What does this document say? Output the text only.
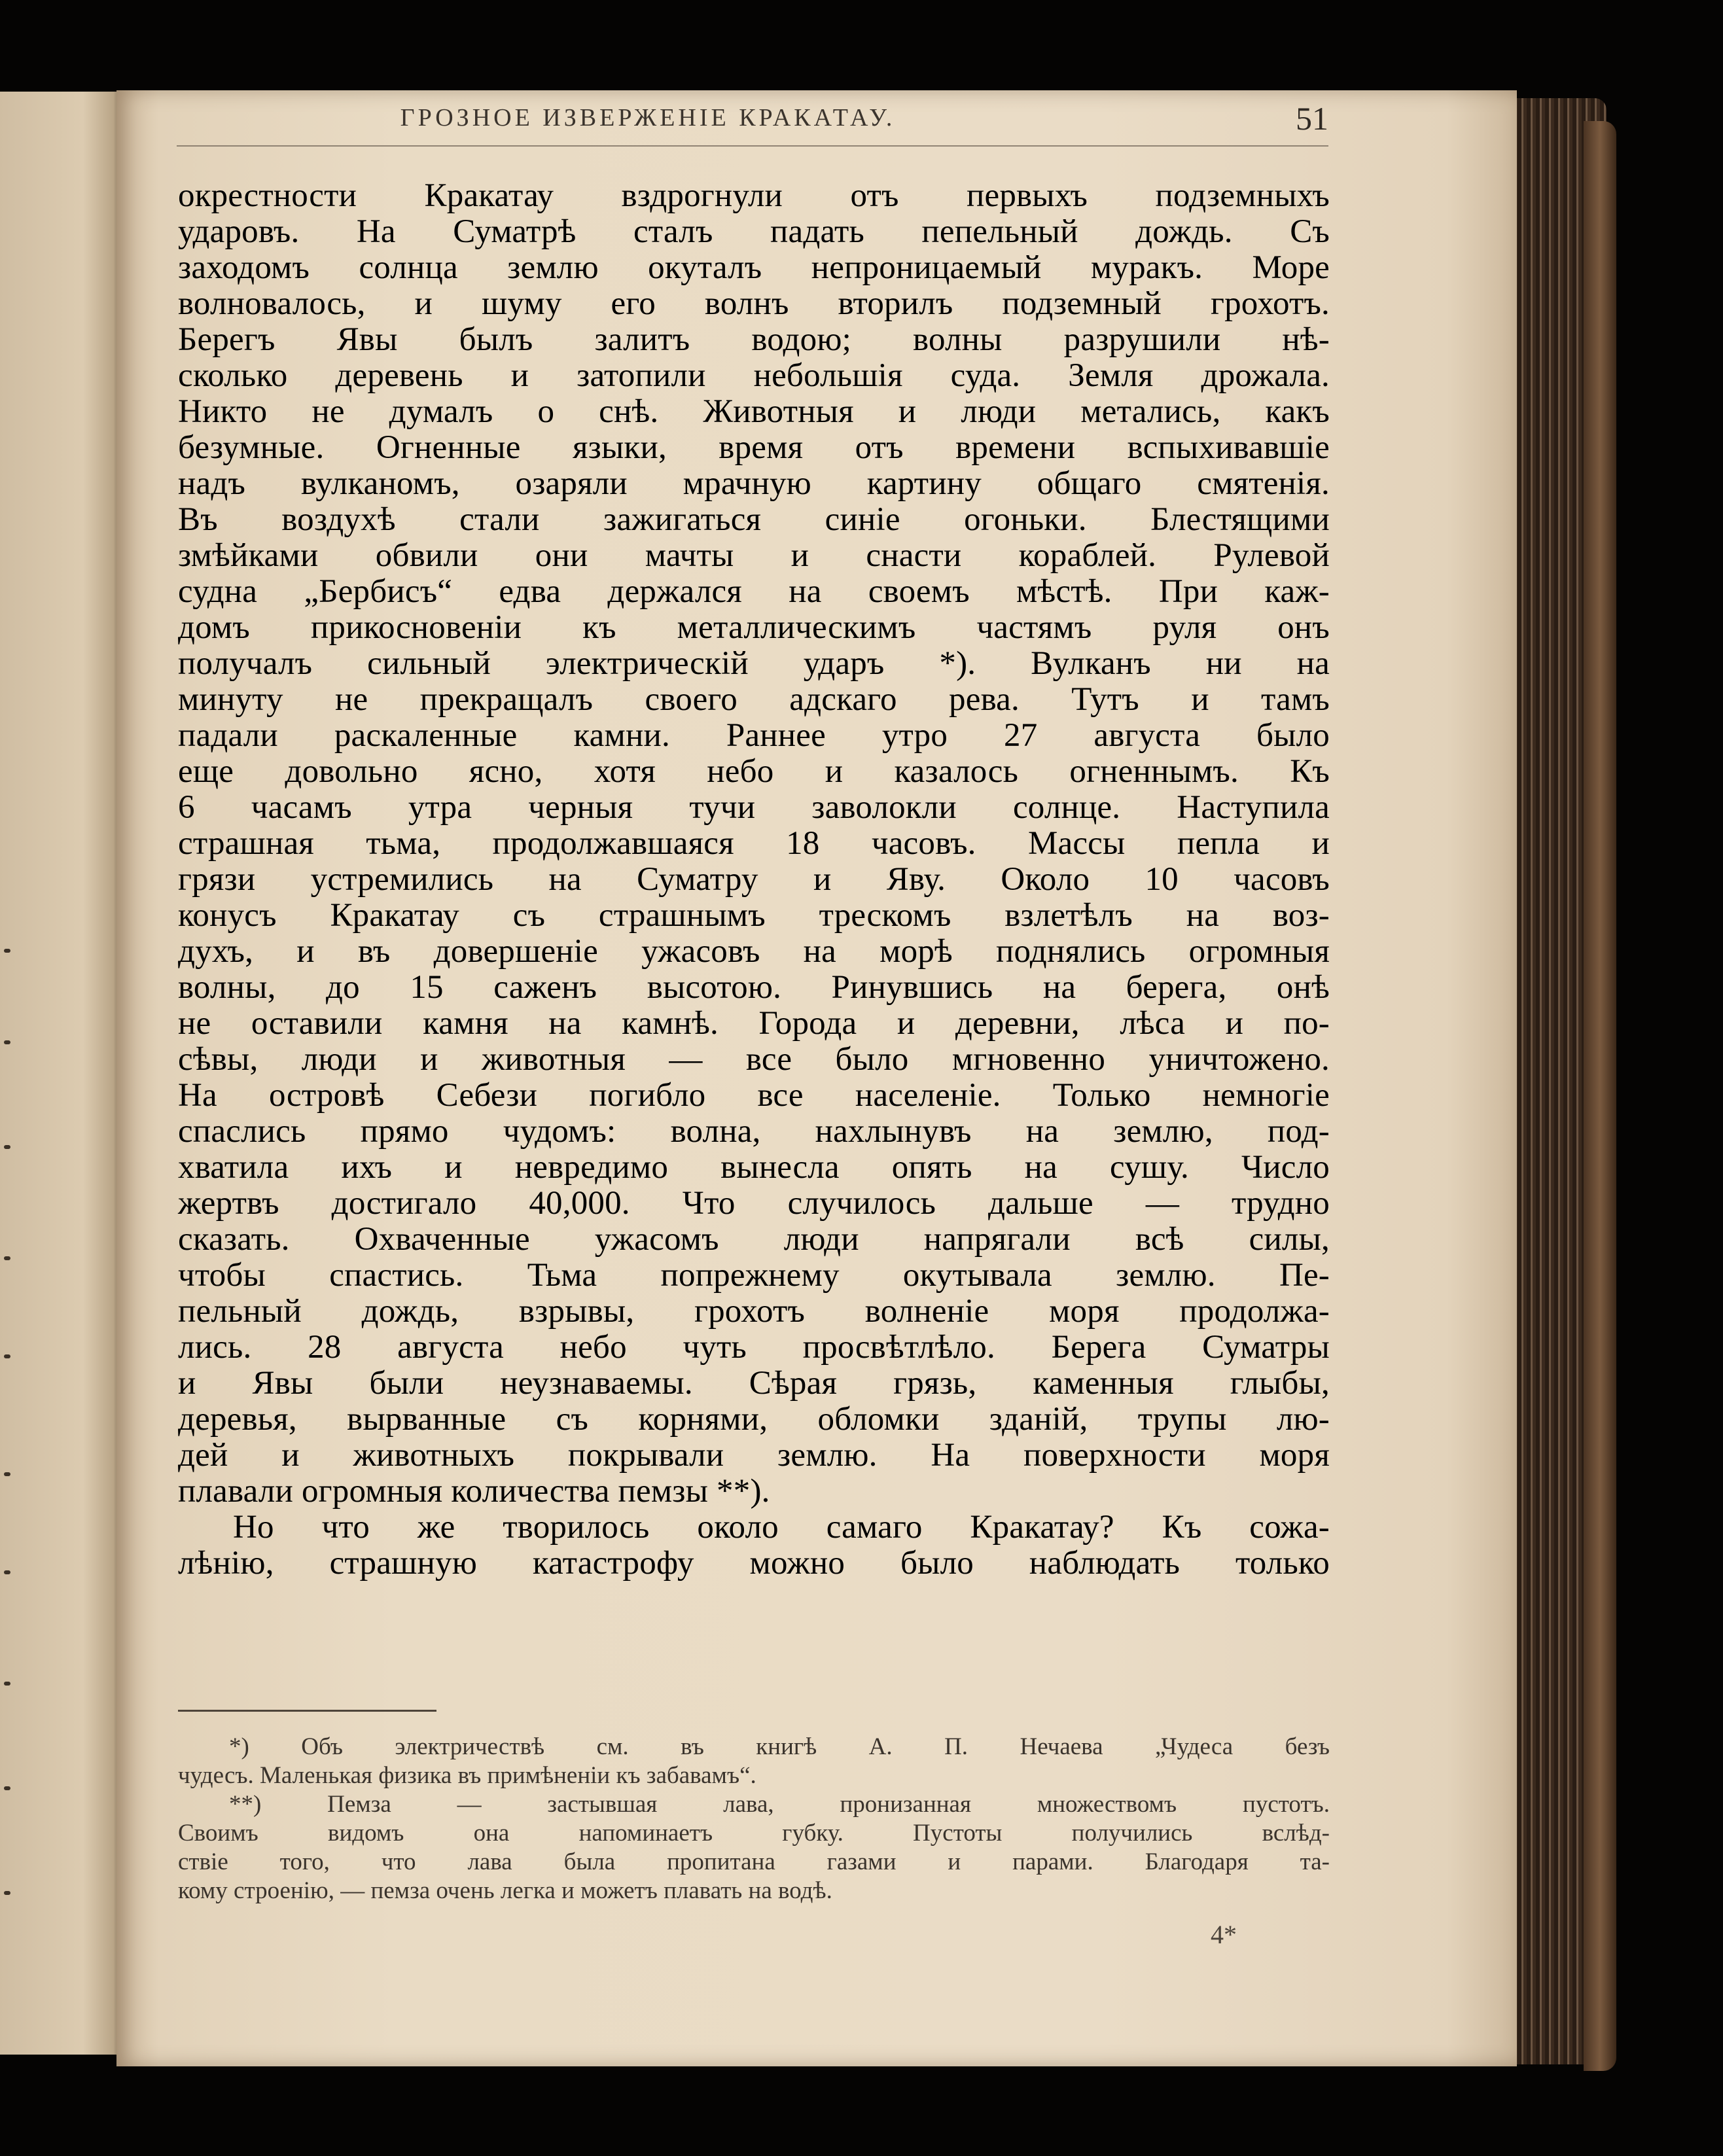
ГРОЗНОЕ ИЗВЕРЖЕНІЕ КРАКАТАУ.	51
окрестности Кракатау вздрогнули отъ первыхъ подземныхъ
ударовъ. На Суматрѣ сталъ падать пепельный дождь. Съ
заходомъ солнца землю окуталъ непроницаемый муракъ. Море
волновалось, и шуму его волнъ вторилъ подземный грохотъ.
Берегъ Явы былъ залитъ водою; волны разрушили нѣ-
сколько деревень и затопили небольшія суда. Земля дрожала.
Никто не думалъ о снѣ. Животныя и люди метались, какъ
безумные. Огненные языки, время отъ времени вспыхивавшіе
надъ вулканомъ, озаряли мрачную картину общаго смятенія.
Въ воздухѣ стали зажигаться синіе огоньки. Блестящими
змѣйками обвили они мачты и снасти кораблей. Рулевой
судна „Бербисъ“ едва держался на своемъ мѣстѣ. При каж-
домъ прикосновеніи къ металлическимъ частямъ руля онъ
получалъ сильный электрическій ударъ *). Вулканъ ни на
минуту не прекращалъ своего адскаго рева. Тутъ и тамъ
падали раскаленные камни. Раннее утро 27 августа было
еще довольно ясно, хотя небо и казалось огненнымъ. Къ
6 часамъ утра черныя тучи заволокли солнце. Наступила
страшная тьма, продолжавшаяся 18 часовъ. Массы пепла и
грязи устремились на Суматру и Яву. Около 10 часовъ
конусъ Кракатау съ страшнымъ трескомъ взлетѣлъ на воз-
духъ, и въ довершеніе ужасовъ на морѣ поднялись огромныя
волны, до 15 саженъ высотою. Ринувшись на берега, онѣ
не оставили камня на камнѣ. Города и деревни, лѣса и по-
сѣвы, люди и животныя — все было мгновенно уничтожено.
На островѣ Себези погибло все населеніе. Только немногіе
спаслись прямо чудомъ: волна, нахлынувъ на землю, под-
хватила ихъ и невредимо вынесла опять на сушу. Число
жертвъ достигало 40,000. Что случилось дальше — трудно
сказать. Охваченные ужасомъ люди напрягали всѣ силы,
чтобы спастись. Тьма попрежнему окутывала землю. Пе-
пельный дождь, взрывы, грохотъ волненіе моря продолжа-
лись. 28 августа небо чуть просвѣтлѣло. Берега Суматры
и Явы были неузнаваемы. Сѣрая грязь, каменныя глыбы,
деревья, вырванные съ корнями, обломки зданій, трупы лю-
дей и животныхъ покрывали землю. На поверхности моря
плавали огромныя количества пемзы **).
Но что же творилось около самаго Кракатау? Къ сожа-
лѣнію, страшную катастрофу можно было наблюдать только
*) Объ электричествѣ см. въ книгѣ А. П. Нечаева „Чудеса безъ
чудесъ. Маленькая физика въ примѣненіи къ забавамъ“.
**) Пемза — застывшая лава, пронизанная множествомъ пустотъ.
Своимъ видомъ она напоминаетъ губку. Пустоты получились вслѣд-
ствіе того, что лава была пропитана газами и парами. Благодаря та-
кому строенію, — пемза очень легка и можетъ плавать на водѣ.
4*
